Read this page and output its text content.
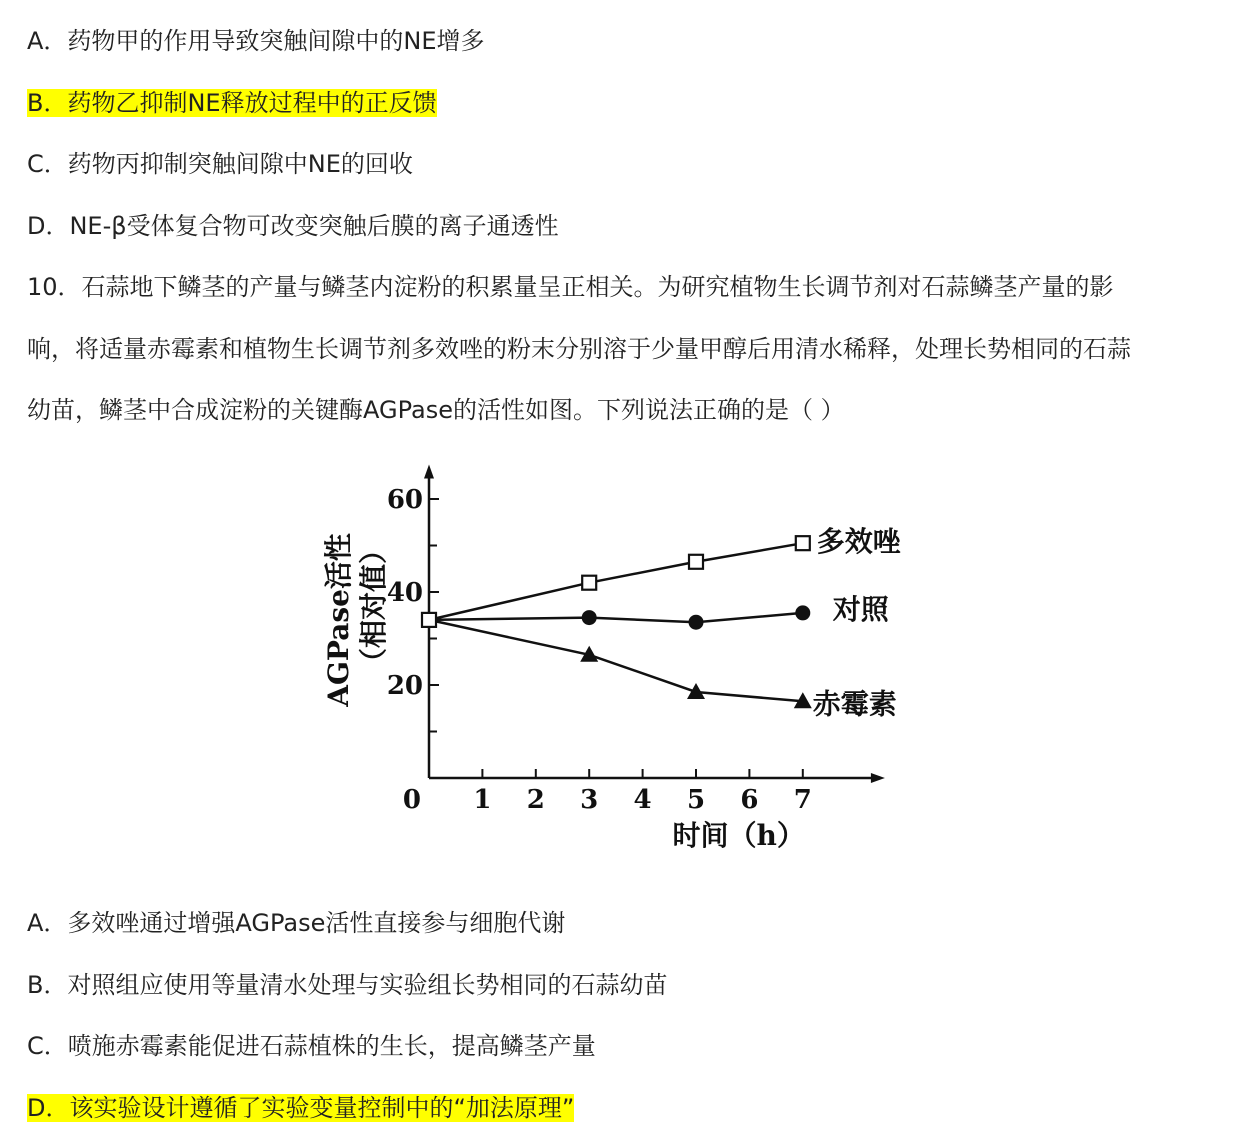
A．药物甲的作用导致突触间隙中的NE增多
B．药物乙抑制NE释放过程中的正反馈
C．药物丙抑制突触间隙中NE的回收
D．NE-β受体复合物可改变突触后膜的离子通透性
10．石蒜地下鳞茎的产量与鳞茎内淀粉的积累量呈正相关。为研究植物生长调节剂对石蒜鳞茎产量的影
响，将适量赤霉素和植物生长调节剂多效唑的粉末分别溶于少量甲醇后用清水稀释，处理长势相同的石蒜
幼苗，鳞茎中合成淀粉的关键酶AGPase的活性如图。下列说法正确的是（ ）
0
20
40
60
1 2 3 4 5 6 7
时间（h）
AGPase活性 （相对值）	多效唑
对照
赤霉素
A．多效唑通过增强AGPase活性直接参与细胞代谢
B．对照组应使用等量清水处理与实验组长势相同的石蒜幼苗
C．喷施赤霉素能促进石蒜植株的生长，提高鳞茎产量
D．该实验设计遵循了实验变量控制中的“加法原理”
